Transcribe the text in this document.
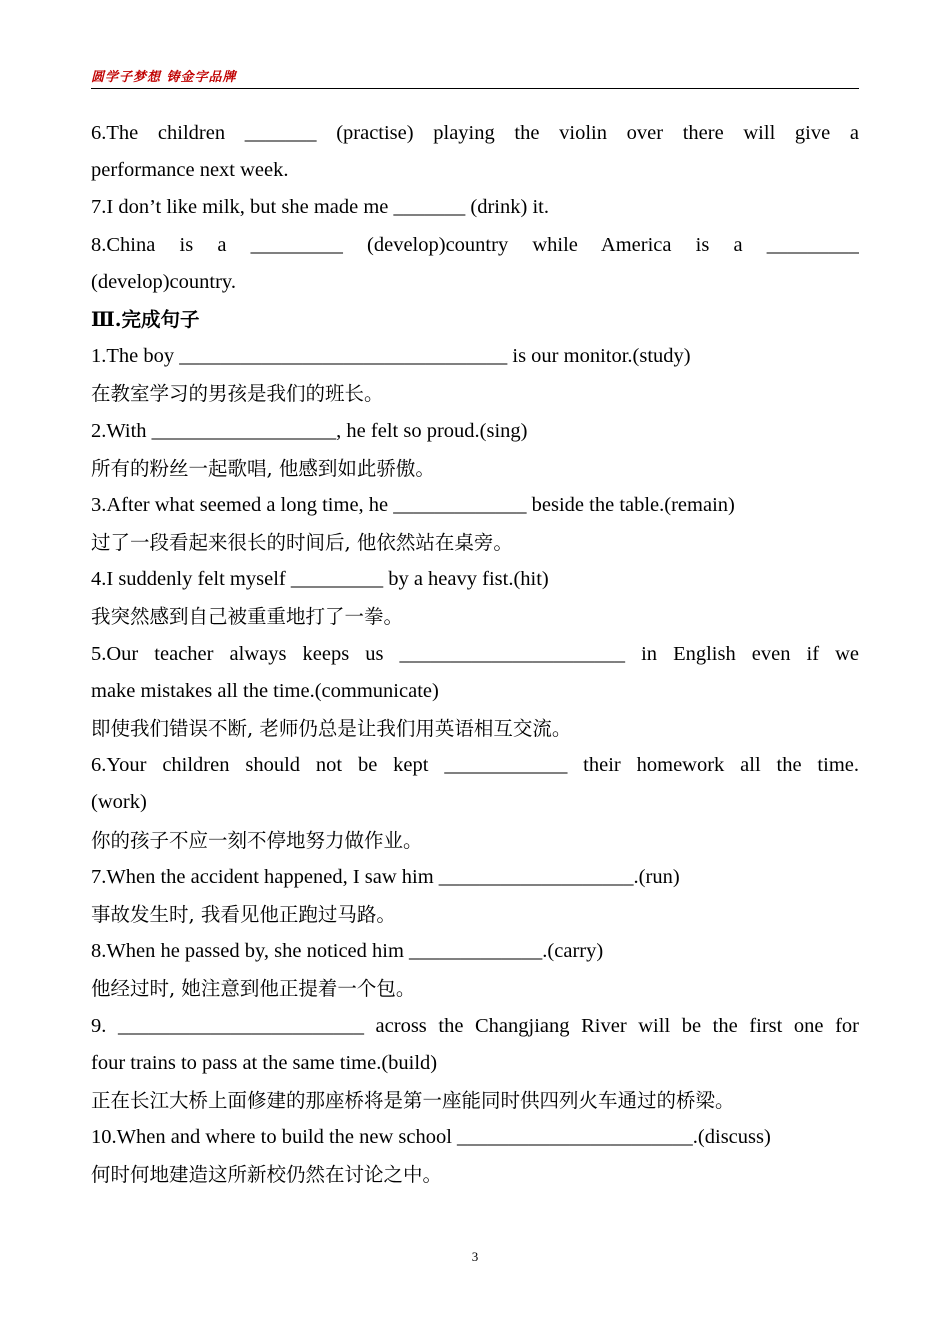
圆学子梦想 铸金字品牌
6.The children _______ (practise) playing the violin over there will give a
performance next week.
7.I don’t like milk, but she made me _______ (drink) it.
8.China is a _________ (develop)country while America is a _________
(develop)country.
Ⅲ.完成句子
1.The boy ________________________________ is our monitor.(study)
在教室学习的男孩是我们的班长。
2.With __________________, he felt so proud.(sing)
所有的粉丝一起歌唱, 他感到如此骄傲。
3.After what seemed a long time, he _____________ beside the table.(remain)
过了一段看起来很长的时间后, 他依然站在桌旁。
4.I suddenly felt myself _________ by a heavy fist.(hit)
我突然感到自己被重重地打了一拳。
5.Our teacher always keeps us ______________________ in English even if we
make mistakes all the time.(communicate)
即使我们错误不断, 老师仍总是让我们用英语相互交流。
6.Your children should not be kept ____________ their homework all the time.
(work)
你的孩子不应一刻不停地努力做作业。
7.When the accident happened, I saw him ___________________.(run)
事故发生时, 我看见他正跑过马路。
8.When he passed by, she noticed him _____________.(carry)
他经过时, 她注意到他正提着一个包。
9. ________________________ across the Changjiang River will be the first one for
four trains to pass at the same time.(build)
正在长江大桥上面修建的那座桥将是第一座能同时供四列火车通过的桥梁。
10.When and where to build the new school _______________________.(discuss)
何时何地建造这所新校仍然在讨论之中。
3
